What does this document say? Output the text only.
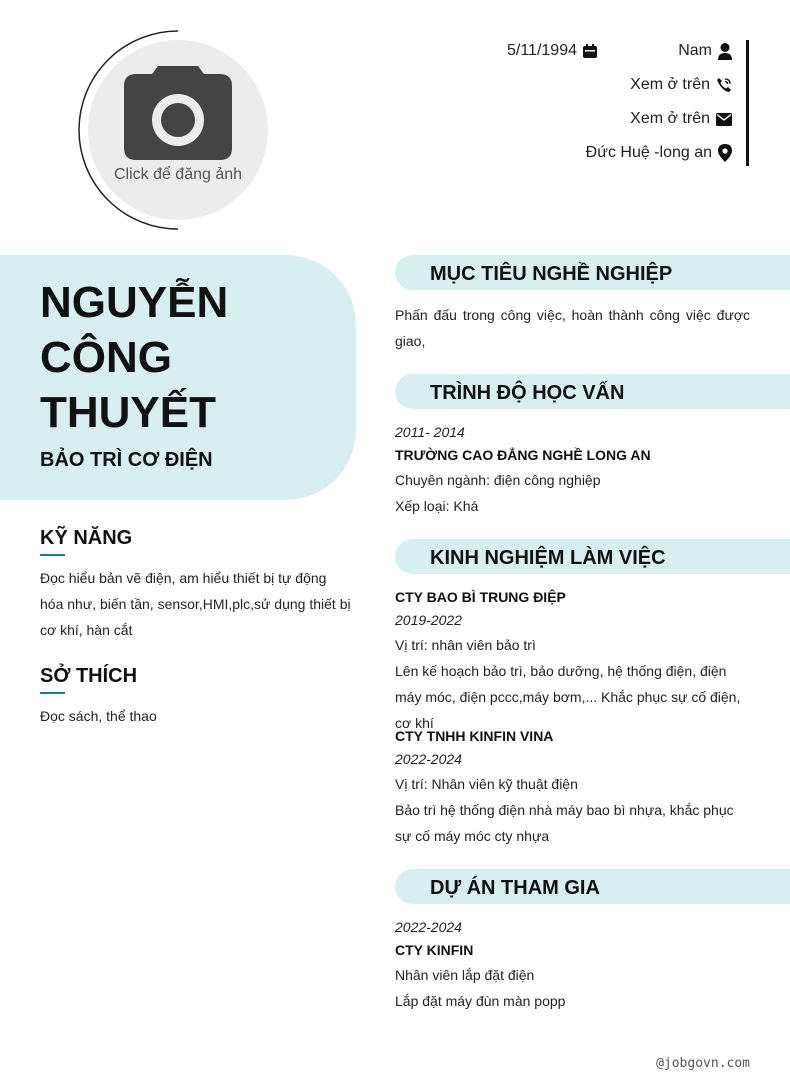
Click để đăng ảnh
5/11/1994	Nam
Xem ở trên
Xem ở trên
Đức Huệ -long an
NGUYỄN
CÔNG
THUYẾT
BẢO TRÌ CƠ ĐIỆN
KỸ NĂNG
Đọc hiểu bản vẽ điện, am hiểu thiết bị tự động hóa như, biến tần, sensor,HMI,plc,sử dụng thiết bị cơ khí, hàn cắt
SỞ THÍCH
Đọc sách, thể thao
MỤC TIÊU NGHỀ NGHIỆP
Phấn đấu trong công việc, hoàn thành công việc được giao,
TRÌNH ĐỘ HỌC VẤN
2011- 2014
TRƯỜNG CAO ĐẲNG NGHỀ LONG AN
Chuyên ngành: điện công nghiệp
Xếp loại: Khá
KINH NGHIỆM LÀM VIỆC
CTY BAO BÌ TRUNG ĐIỆP
2019-2022
Vị trí: nhân viên bảo trì
Lên kế hoạch bảo trì, bảo dưỡng, hệ thống điện, điện máy móc, điện pccc,máy bơm,... Khắc phục sự cố điện, cơ khí
CTY TNHH KINFIN VINA
2022-2024
Vị trí: Nhân viên kỹ thuật điện
Bảo trì hệ thống điện nhà máy bao bì nhựa, khắc phục sự cố máy móc cty nhựa
DỰ ÁN THAM GIA
2022-2024
CTY KINFIN
Nhân viên lắp đặt điện
Lắp đặt máy đùn màn popp
@jobgovn.com
